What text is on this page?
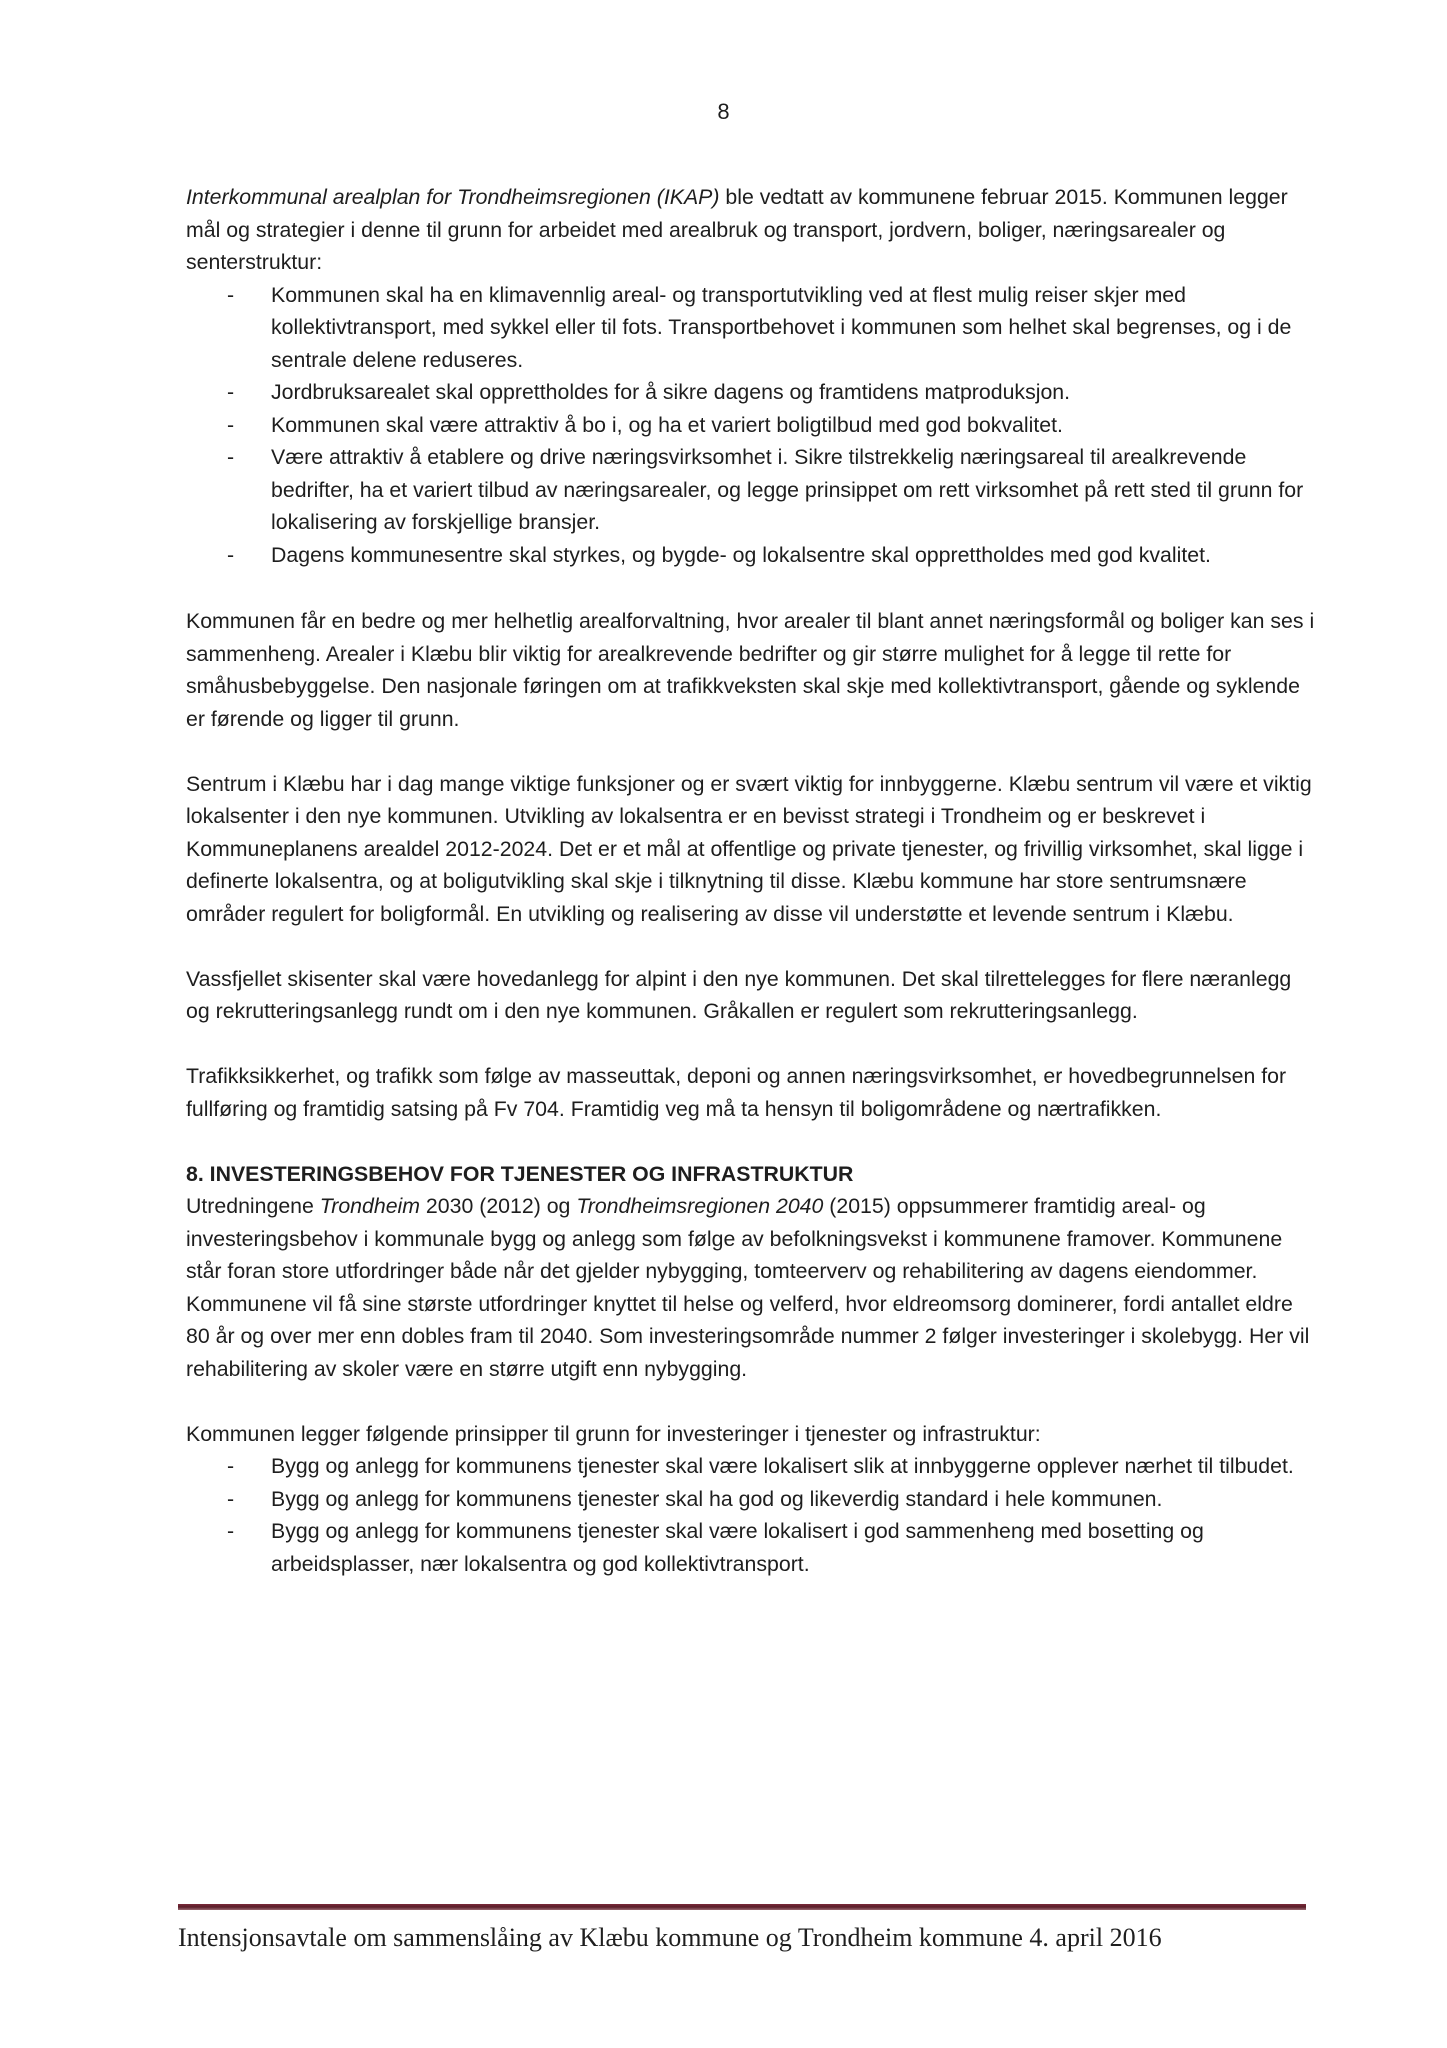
8

Interkommunal arealplan for Trondheimsregionen (IKAP) ble vedtatt av kommunene februar 2015. Kommunen legger mål og strategier i denne til grunn for arbeidet med arealbruk og transport, jordvern, boliger, næringsarealer og senterstruktur:

- Kommunen skal ha en klimavennlig areal- og transportutvikling ved at flest mulig reiser skjer med kollektivtransport, med sykkel eller til fots. Transportbehovet i kommunen som helhet skal begrenses, og i de sentrale delene reduseres.
- Jordbruksarealet skal opprettholdes for å sikre dagens og framtidens matproduksjon.
- Kommunen skal være attraktiv å bo i, og ha et variert boligtilbud med god bokvalitet.
- Være attraktiv å etablere og drive næringsvirksomhet i. Sikre tilstrekkelig næringsareal til arealkrevende bedrifter, ha et variert tilbud av næringsarealer, og legge prinsippet om rett virksomhet på rett sted til grunn for lokalisering av forskjellige bransjer.
- Dagens kommunesentre skal styrkes, og bygde- og lokalsentre skal opprettholdes med god kvalitet.

Kommunen får en bedre og mer helhetlig arealforvaltning, hvor arealer til blant annet næringsformål og boliger kan ses i sammenheng. Arealer i Klæbu blir viktig for arealkrevende bedrifter og gir større mulighet for å legge til rette for småhusbebyggelse. Den nasjonale føringen om at trafikkveksten skal skje med kollektivtransport, gående og syklende er førende og ligger til grunn.

Sentrum i Klæbu har i dag mange viktige funksjoner og er svært viktig for innbyggerne. Klæbu sentrum vil være et viktig lokalsenter i den nye kommunen. Utvikling av lokalsentra er en bevisst strategi i Trondheim og er beskrevet i Kommuneplanens arealdel 2012-2024. Det er et mål at offentlige og private tjenester, og frivillig virksomhet, skal ligge i definerte lokalsentra, og at boligutvikling skal skje i tilknytning til disse. Klæbu kommune har store sentrumsnære områder regulert for boligformål. En utvikling og realisering av disse vil understøtte et levende sentrum i Klæbu.

Vassfjellet skisenter skal være hovedanlegg for alpint i den nye kommunen. Det skal tilrettelegges for flere næranlegg og rekrutteringsanlegg rundt om i den nye kommunen. Gråkallen er regulert som rekrutteringsanlegg.

Trafikksikkerhet, og trafikk som følge av masseuttak, deponi og annen næringsvirksomhet, er hovedbegrunnelsen for fullføring og framtidig satsing på Fv 704. Framtidig veg må ta hensyn til boligområdene og nærtrafikken.

8. INVESTERINGSBEHOV FOR TJENESTER OG INFRASTRUKTUR

Utredningene Trondheim 2030 (2012) og Trondheimsregionen 2040 (2015) oppsummerer framtidig areal- og investeringsbehov i kommunale bygg og anlegg som følge av befolkningsvekst i kommunene framover. Kommunene står foran store utfordringer både når det gjelder nybygging, tomteerverv og rehabilitering av dagens eiendommer. Kommunene vil få sine største utfordringer knyttet til helse og velferd, hvor eldreomsorg dominerer, fordi antallet eldre 80 år og over mer enn dobles fram til 2040. Som investeringsområde nummer 2 følger investeringer i skolebygg. Her vil rehabilitering av skoler være en større utgift enn nybygging.

Kommunen legger følgende prinsipper til grunn for investeringer i tjenester og infrastruktur:

- Bygg og anlegg for kommunens tjenester skal være lokalisert slik at innbyggerne opplever nærhet til tilbudet.
- Bygg og anlegg for kommunens tjenester skal ha god og likeverdig standard i hele kommunen.
- Bygg og anlegg for kommunens tjenester skal være lokalisert i god sammenheng med bosetting og arbeidsplasser, nær lokalsentra og god kollektivtransport.
Intensjonsavtale om sammenslåing av Klæbu kommune og Trondheim kommune 4. april 2016
